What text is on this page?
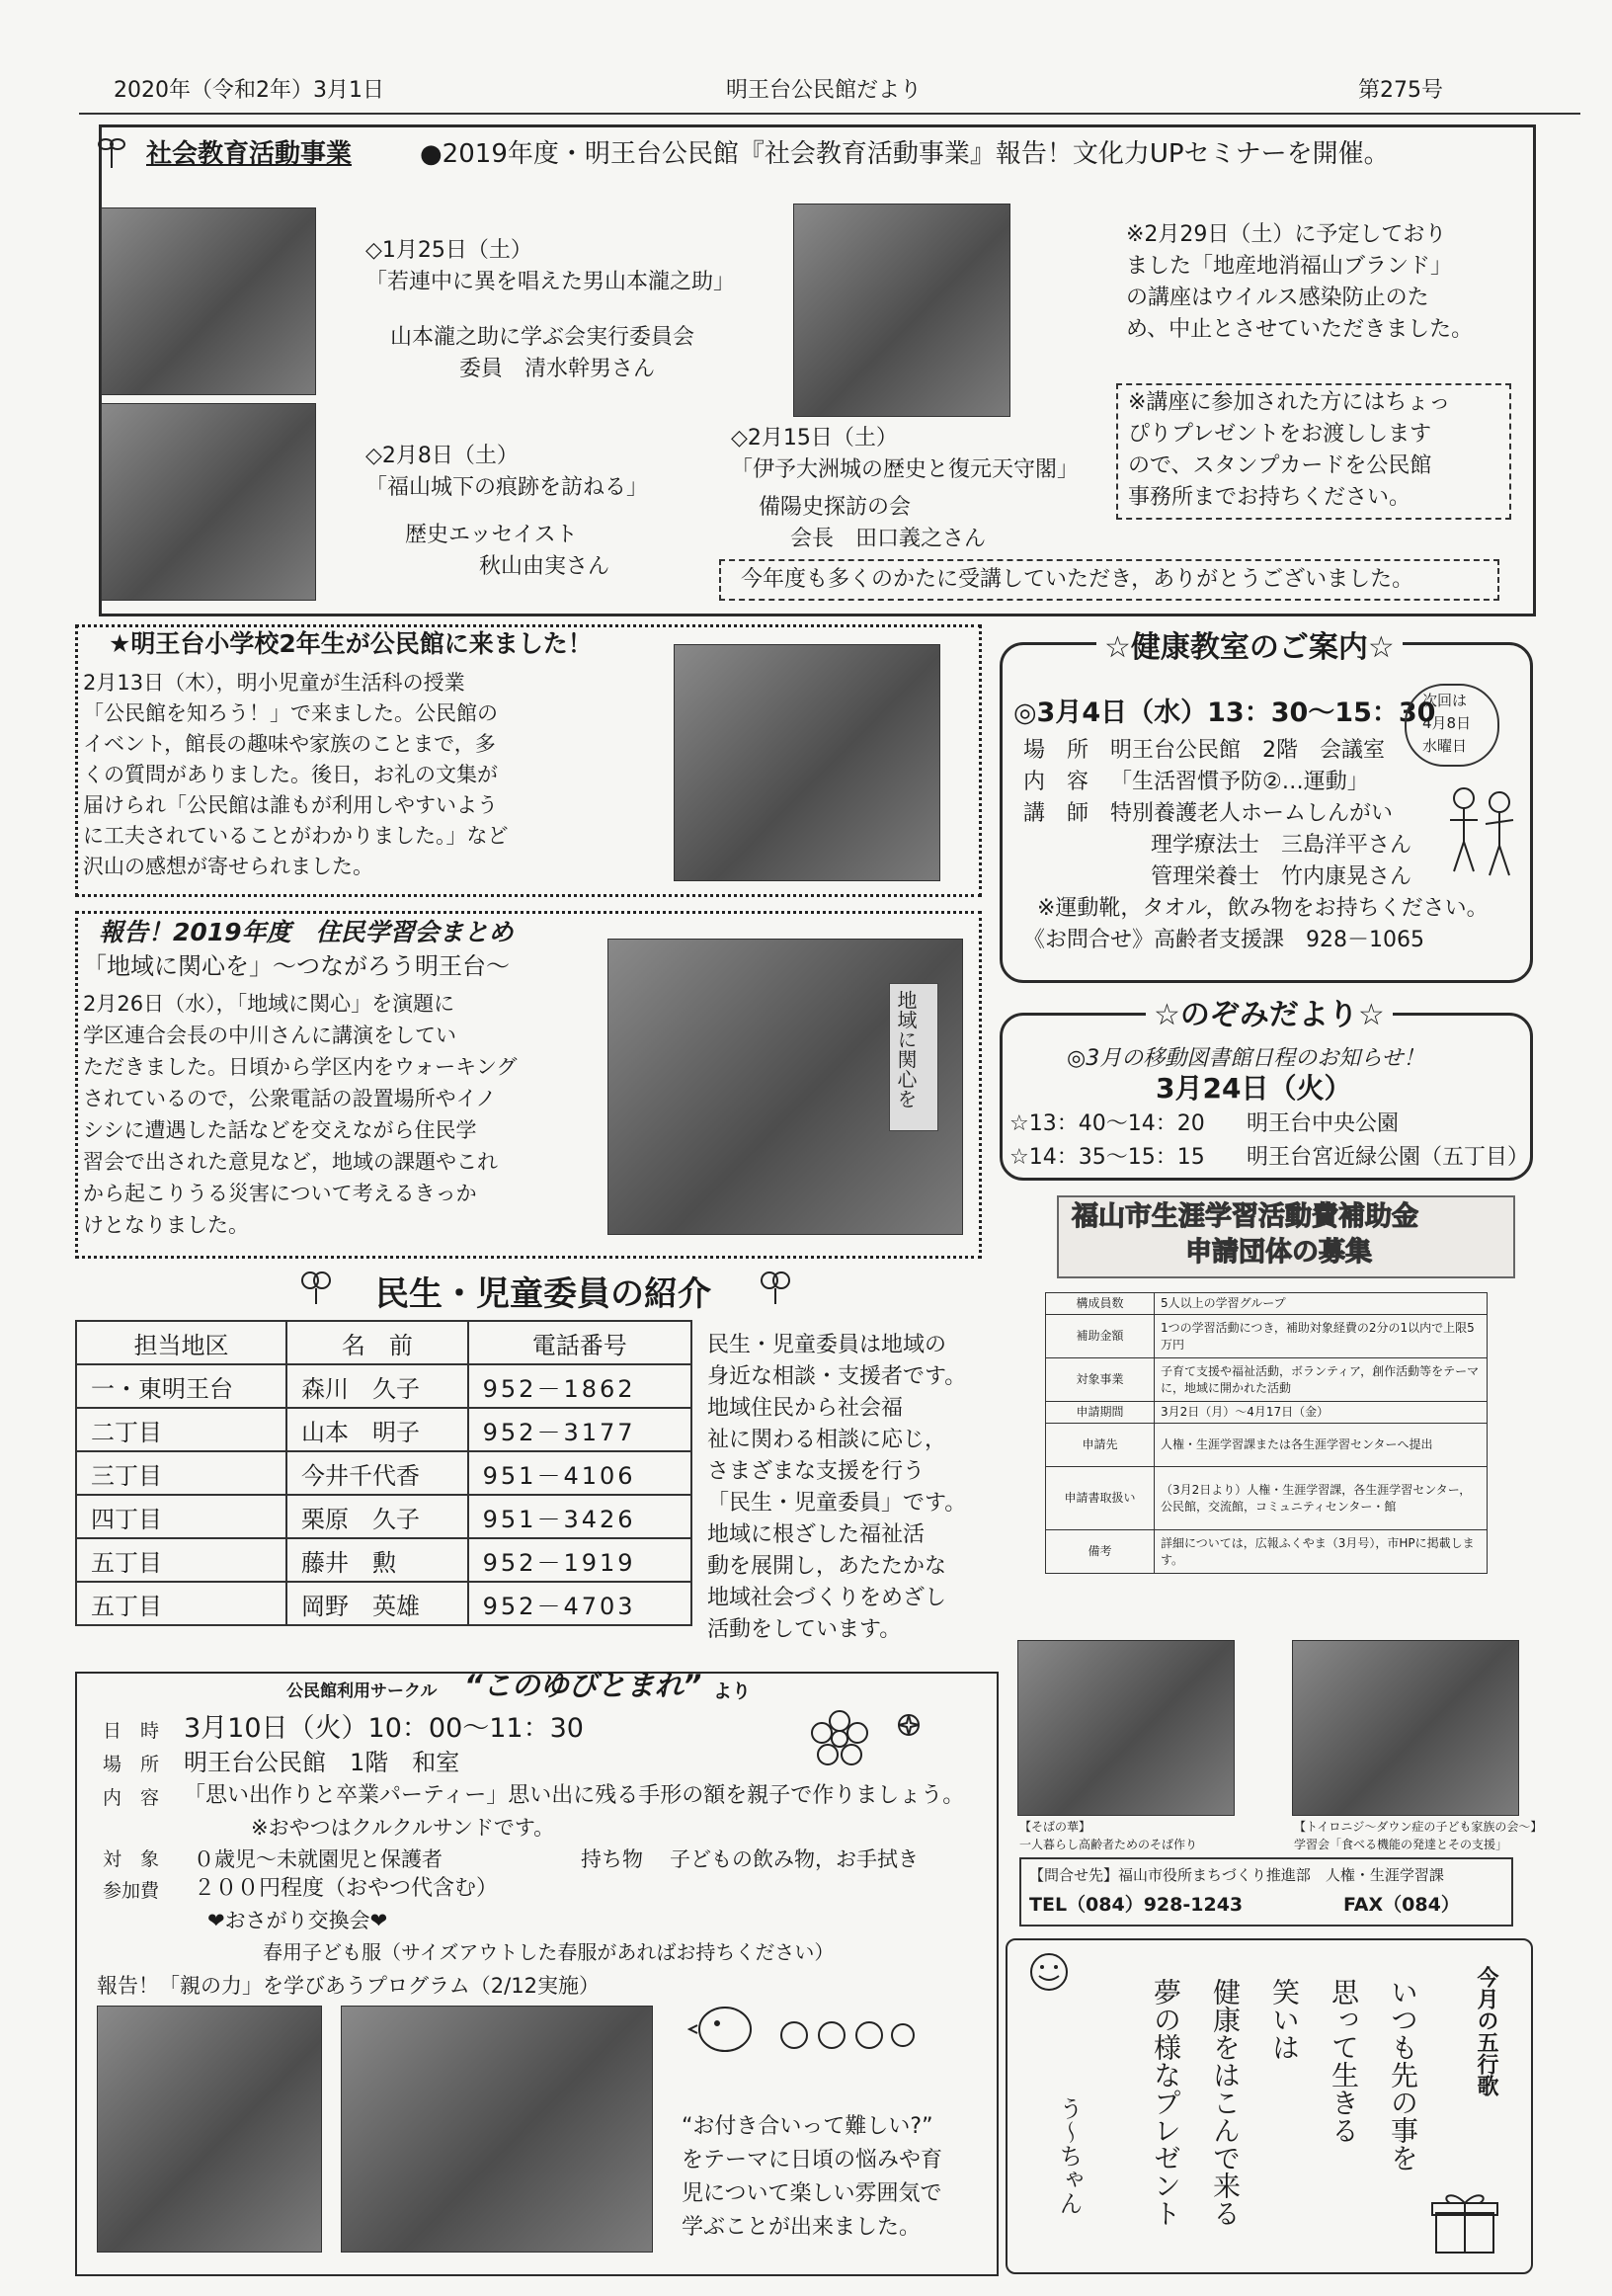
2020年（令和2年）3月1日	明王台公民館だより	第275号
社会教育活動事業	●2019年度・明王台公民館『社会教育活動事業』報告！文化力UPセミナーを開催。
◇1月25日（土）
「若連中に異を唱えた男山本瀧之助」
山本瀧之助に学ぶ会実行委員会
委員　清水幹男さん
◇2月8日（土）
「福山城下の痕跡を訪ねる」
歴史エッセイスト
秋山由実さん
◇2月15日（土）
「伊予大洲城の歴史と復元天守閣」
備陽史探訪の会
会長　田口義之さん
※2月29日（土）に予定しており
ました「地産地消福山ブランド」
の講座はウイルス感染防止のた
め、中止とさせていただきました。
※講座に参加された方にはちょっ
ぴりプレゼントをお渡しします
ので、スタンプカードを公民館
事務所までお持ちください。
今年度も多くのかたに受講していただき，ありがとうございました。
★明王台小学校2年生が公民館に来ました！
2月13日（木），明小児童が生活科の授業
「公民館を知ろう！」で来ました。公民館の
イベント，館長の趣味や家族のことまで，多
くの質問がありました。後日，お礼の文集が
届けられ「公民館は誰もが利用しやすいよう
に工夫されていることがわかりました。」など
沢山の感想が寄せられました。
報告！2019年度　住民学習会まとめ
「地域に関心を」～つながろう明王台～
2月26日（水），「地域に関心」を演題に
学区連合会長の中川さんに講演をしてい
ただきました。日頃から学区内をウォーキング
されているので，公衆電話の設置場所やイノ
シシに遭遇した話などを交えながら住民学
習会で出された意見など，地域の課題やこれ
から起こりうる災害について考えるきっか
けとなりました。
地域に関心を
☆健康教室のご案内☆
◎3月4日（水）13：30～15：30
次回は
4月8日
水曜日
場　所 明王台公民館　2階　会議室
内　容 「生活習慣予防②…運動」
講　師 特別養護老人ホームしんがい
理学療法士　三島洋平さん
管理栄養士　竹内康晃さん
※運動靴，タオル，飲み物をお持ちください。
《お問合せ》高齢者支援課　928－1065
☆のぞみだより☆
◎3月の移動図書館日程のお知らせ！
3月24日（火）
☆13：40～14：20 明王台中央公園
☆14：35～15：15 明王台宮近緑公園（五丁目）
福山市生涯学習活動費補助金
申請団体の募集
構成員数	5人以上の学習グループ
補助金額	1つの学習活動につき，補助対象経費の2分の1以内で上限5万円
対象事業	子育て支援や福祉活動，ボランティア，創作活動等をテーマに，地域に開かれた活動
申請期間	3月2日（月）～4月17日（金）
申請先	人権・生涯学習課または各生涯学習センターへ提出
申請書取扱い	（3月2日より）人権・生涯学習課，各生涯学習センター，公民館，交流館，コミュニティセンター・館
備考	詳細については，広報ふくやま（3月号），市HPに掲載します。
【そばの華】
一人暮らし高齢者ためのそば作り
【トイロニジ～ダウン症の子ども家族の会～】
学習会「食べる機能の発達とその支援」
【問合せ先】福山市役所まちづくり推進部　人権・生涯学習課
TEL（084）928-1243	FAX（084）
民生・児童委員の紹介
担当地区	名　前	電話番号
一・東明王台	森川　久子	952－1862
二丁目	山本　明子	952－3177
三丁目	今井千代香	951－4106
四丁目	栗原　久子	951－3426
五丁目	藤井　勲	952－1919
五丁目	岡野　英雄	952－4703
民生・児童委員は地域の
身近な相談・支援者です。
地域住民から社会福
祉に関わる相談に応じ，
さまざまな支援を行う
「民生・児童委員」です。
地域に根ざした福祉活
動を展開し，あたたかな
地域社会づくりをめざし
活動をしています。
公民館利用サークル “このゆびとまれ” より
日　時 3月10日（火）10：00～11：30
場　所 明王台公民館　1階　和室
内　容 「思い出作りと卒業パーティー」思い出に残る手形の額を親子で作りましょう。
※おやつはクルクルサンドです。
対　象 ０歳児～未就園児と保護者	持ち物 子どもの飲み物，お手拭き
参加費 ２００円程度（おやつ代含む）
❤おさがり交換会❤
春用子ども服（サイズアウトした春服があればお持ちください）
報告！「親の力」を学びあうプログラム（2/12実施）
“お付き合いって難しい?”
をテーマに日頃の悩みや育
児について楽しい雰囲気で
学ぶことが出来ました。
今月の五行歌
いつも先の事を
思って生きる
笑いは
健康をはこんで来る
夢の様なプレゼント
う～ちゃん
